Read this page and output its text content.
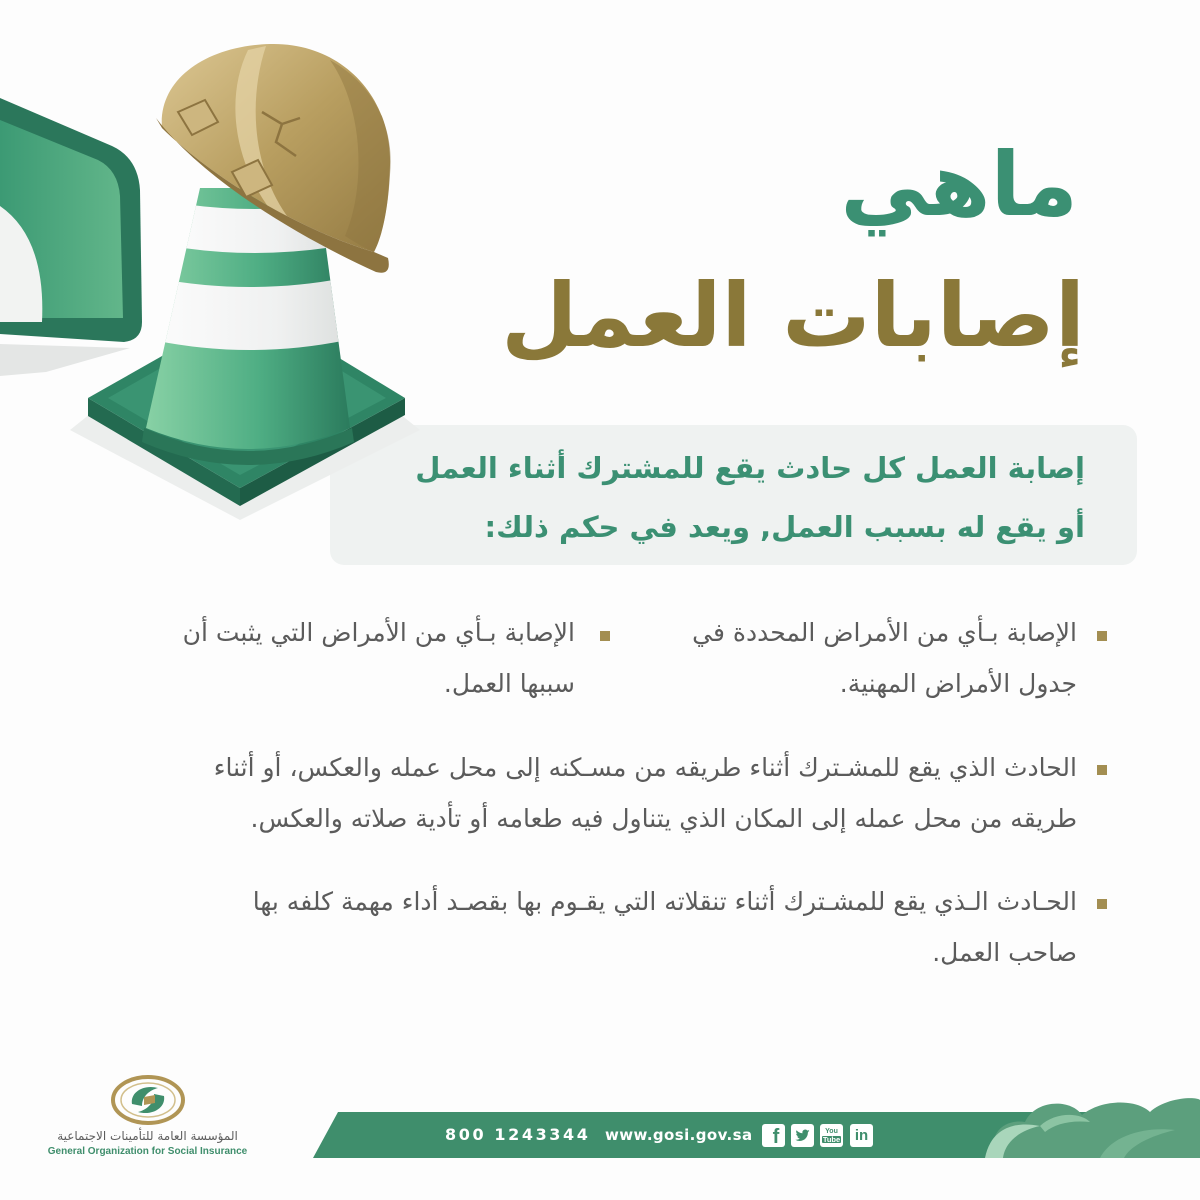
ماهي
إصابات العمل
إصابة العمل كل حادث يقع للمشترك أثناء العمل
أو يقع له بسبب العمل, ويعد في حكم ذلك:
الإصابة بـأي من الأمراض المحددة في
جدول الأمراض المهنية.
الإصابة بـأي من الأمراض التي يثبت أن
سببها العمل.
الحادث الذي يقع للمشـترك أثناء طريقه من مسـكنه إلى محل عمله والعكس، أو أثناء
طريقه من محل عمله إلى المكان الذي يتناول فيه طعامه أو تأدية صلاته والعكس.
الحـادث الـذي يقع للمشـترك أثناء تنقلاته التي يقـوم بها بقصـد أداء مهمة كلفه بها
صاحب العمل.
المؤسسة العامة للتأمينات الاجتماعية
General Organization for Social Insurance
800 1243344 www.gosi.gov.sa f	You
Tube in
